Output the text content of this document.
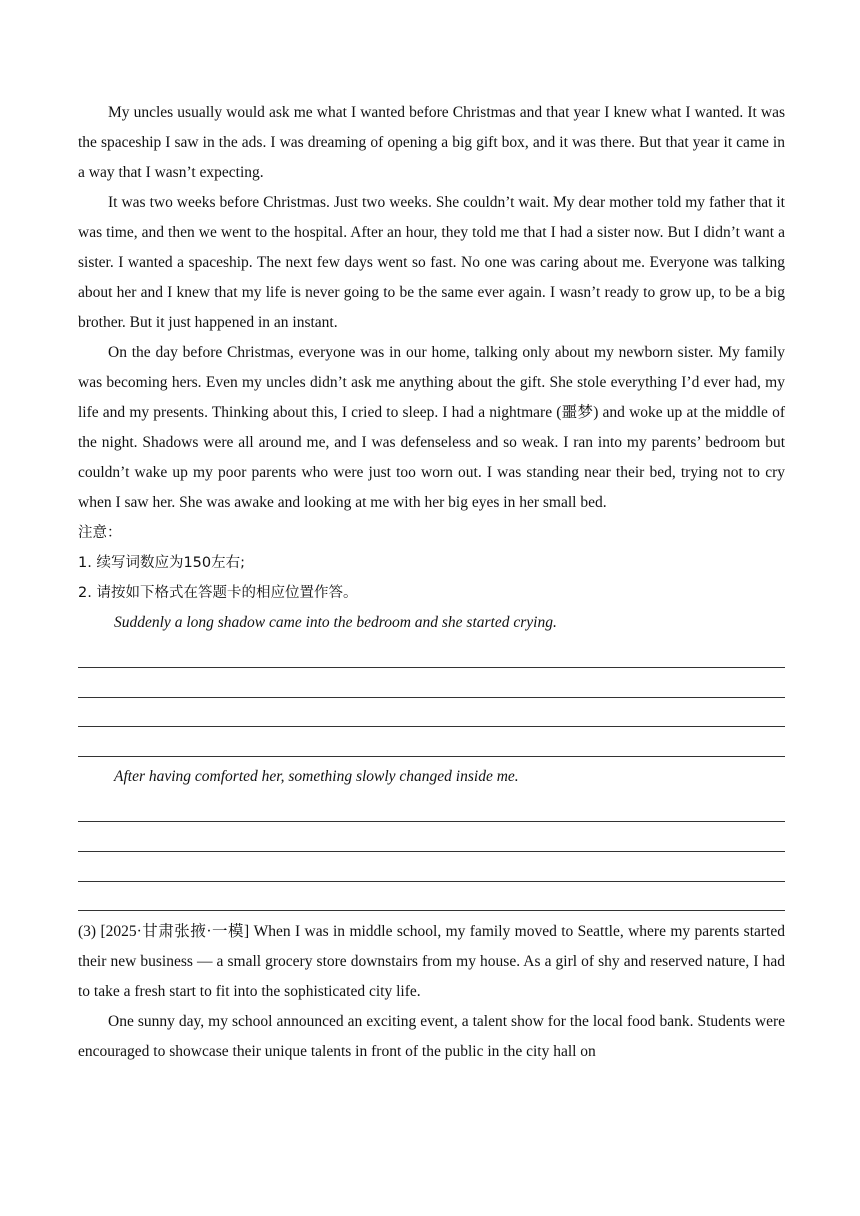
My uncles usually would ask me what I wanted before Christmas and that year I knew what I wanted. It was the spaceship I saw in the ads. I was dreaming of opening a big gift box, and it was there. But that year it came in a way that I wasn’t expecting.

It was two weeks before Christmas. Just two weeks. She couldn’t wait. My dear mother told my father that it was time, and then we went to the hospital. After an hour, they told me that I had a sister now. But I didn’t want a sister. I wanted a spaceship. The next few days went so fast. No one was caring about me. Everyone was talking about her and I knew that my life is never going to be the same ever again. I wasn’t ready to grow up, to be a big brother. But it just happened in an instant.

On the day before Christmas, everyone was in our home, talking only about my newborn sister. My family was becoming hers. Even my uncles didn’t ask me anything about the gift. She stole everything I’d ever had, my life and my presents. Thinking about this, I cried to sleep. I had a nightmare (噩梦) and woke up at the middle of the night. Shadows were all around me, and I was defenseless and so weak. I ran into my parents’ bedroom but couldn’t wake up my poor parents who were just too worn out. I was standing near their bed, trying not to cry when I saw her. She was awake and looking at me with her big eyes in her small bed.

注意：

1. 续写词数应为150左右;

2. 请按如下格式在答题卡的相应位置作答。

Suddenly a long shadow came into the bedroom and she started crying.

After having comforted her, something slowly changed inside me.

(3) [2025·甘肃张掖·一模] When I was in middle school, my family moved to Seattle, where my parents started their new business — a small grocery store downstairs from my house. As a girl of shy and reserved nature, I had to take a fresh start to fit into the sophisticated city life.

One sunny day, my school announced an exciting event, a talent show for the local food bank. Students were encouraged to showcase their unique talents in front of the public in the city hall on
